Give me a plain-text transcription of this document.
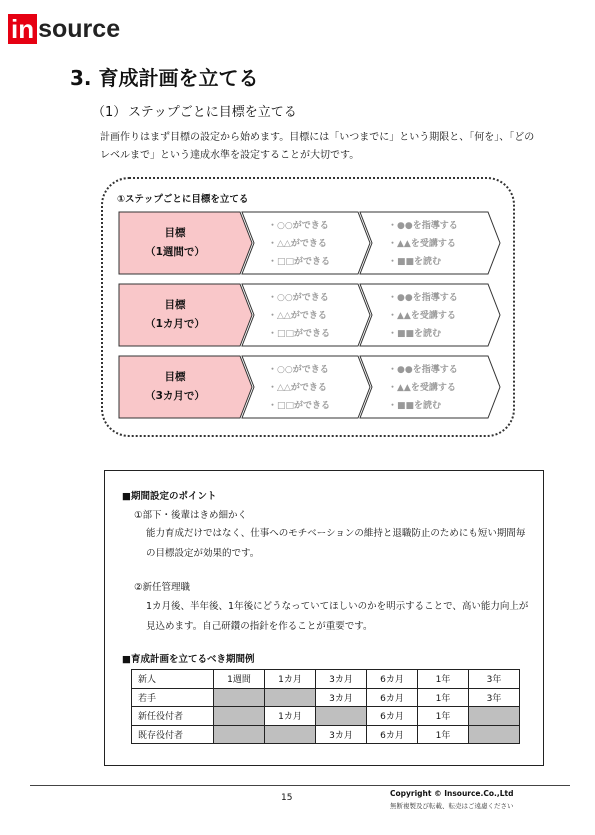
in source
3. 育成計画を立てる
（1） ステップごとに目標を立てる
計画作りはまず目標の設定から始めます。目標には「いつまでに」という期限と、「何を」、「どのレベルまで」という達成水準を設定することが大切です。
①ステップごとに目標を立てる
目標
（1週間で）
・○○ができる
・△△ができる
・□□ができる
・●●を指導する
・▲▲を受講する
・■■を読む
目標
（1カ月で）
・○○ができる
・△△ができる
・□□ができる
・●●を指導する
・▲▲を受講する
・■■を読む
目標
（3カ月で）
・○○ができる
・△△ができる
・□□ができる
・●●を指導する
・▲▲を受講する
・■■を読む
■期間設定のポイント
①部下・後輩はきめ細かく
能力育成だけではなく、仕事へのモチベーションの維持と退職防止のためにも短い期間毎の目標設定が効果的です。
②新任管理職
1カ月後、半年後、1年後にどうなっていてほしいのかを明示することで、高い能力向上が見込めます。自己研鑽の指針を作ることが重要です。
■育成計画を立てるべき期間例
新人	1週間	1カ月	3カ月	6カ月	1年	3年
若手			3カ月	6カ月	1年	3年
新任役付者		1カ月		6カ月	1年	
既存役付者			3カ月	6カ月	1年	
15	Copyright © Insource.Co.,Ltd
無断複製及び転載、転売はご遠慮ください
